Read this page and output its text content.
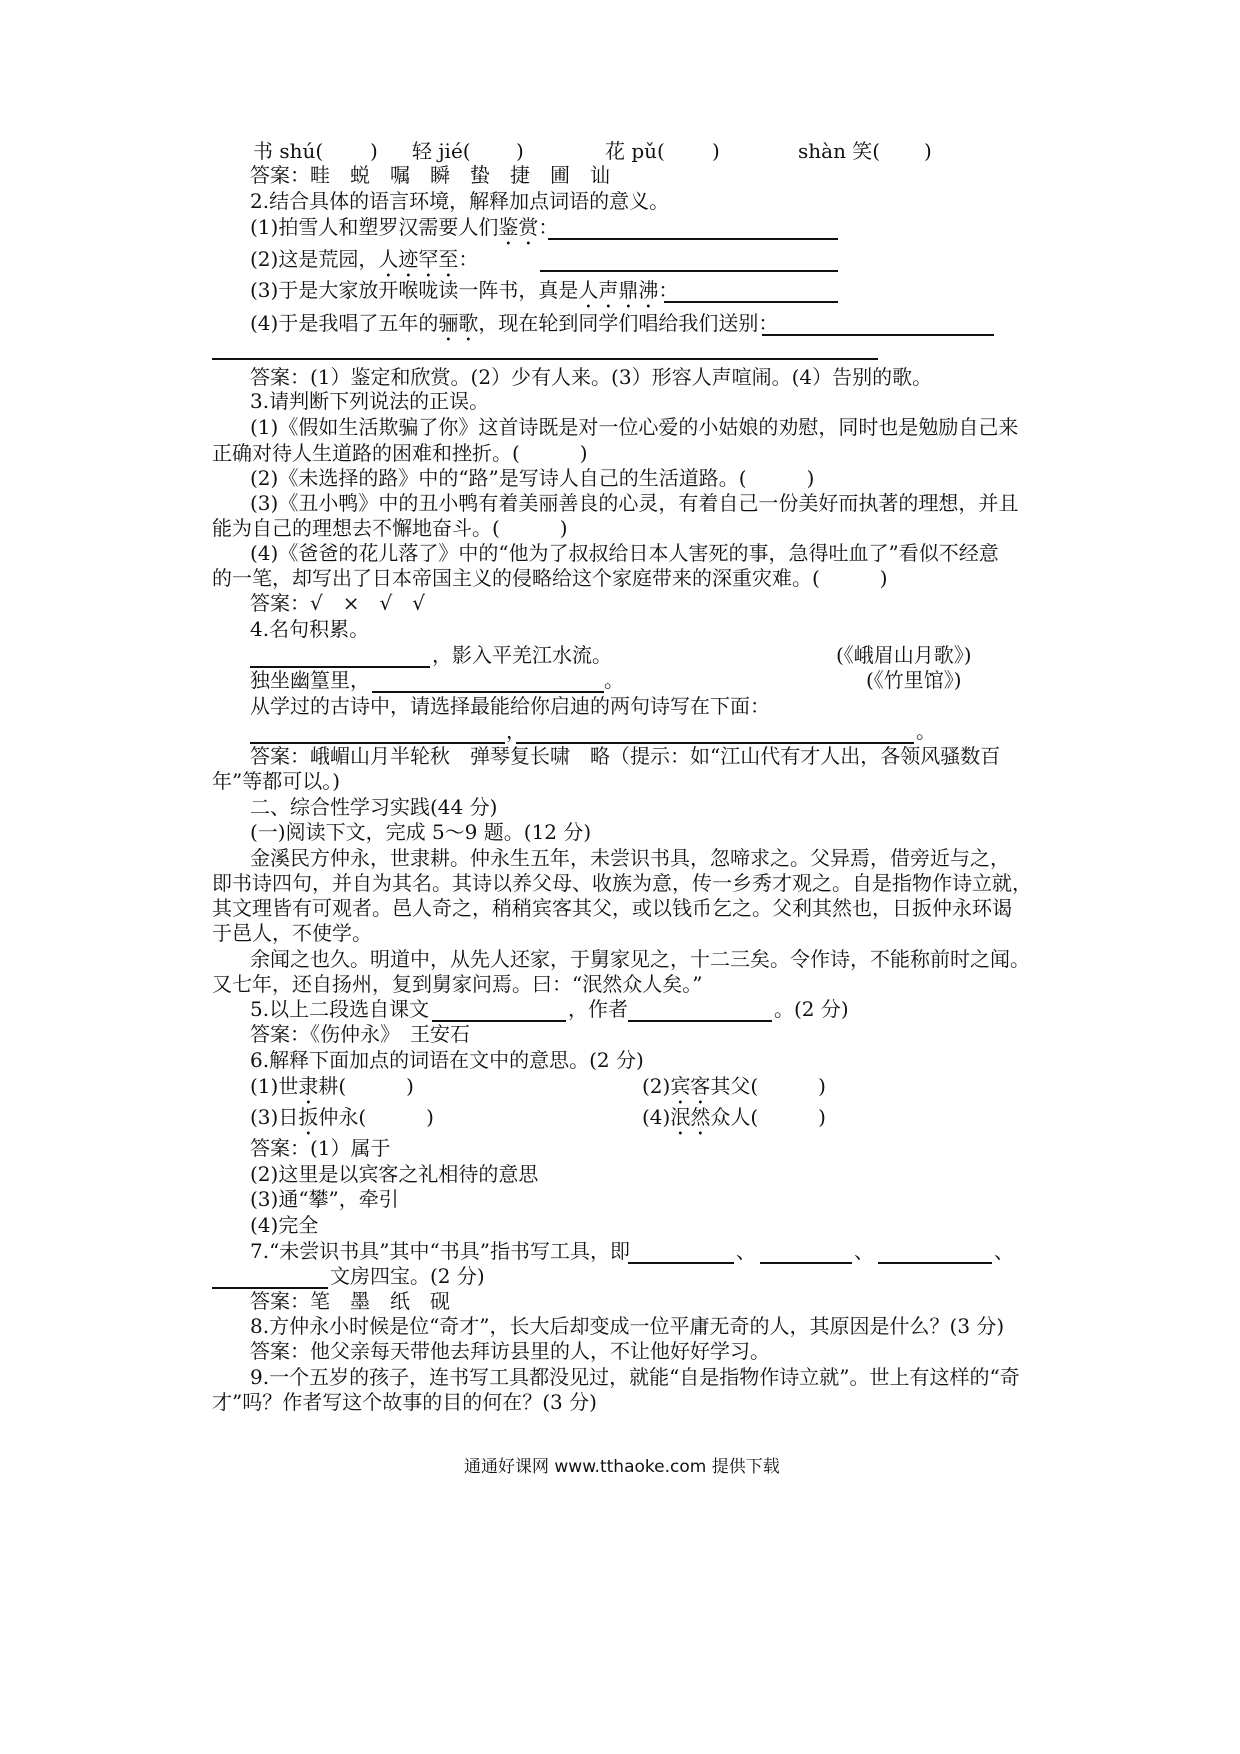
书 shú( ) 轻 jié( )	花 pǔ( )	shàn 笑( )
答案：畦　蜕　嘱　瞬　蛰　捷　圃　讪
2.结合具体的语言环境，解释加点词语的意义。
(1)拍雪人和塑罗汉需要人们鉴赏：
(2)这是荒园，人迹罕至：
(3)于是大家放开喉咙读一阵书，真是人声鼎沸：
(4)于是我唱了五年的骊歌，现在轮到同学们唱给我们送别：
答案：(1）鉴定和欣赏。(2）少有人来。(3）形容人声喧闹。(4）告别的歌。
3.请判断下列说法的正误。
(1)《假如生活欺骗了你》这首诗既是对一位心爱的小姑娘的劝慰，同时也是勉励自己来
正确对待人生道路的困难和挫折。(　　　)
(2)《未选择的路》中的“路”是写诗人自己的生活道路。(　　　)
(3)《丑小鸭》中的丑小鸭有着美丽善良的心灵，有着自己一份美好而执著的理想，并且
能为自己的理想去不懈地奋斗。(　　　)
(4)《爸爸的花儿落了》中的“他为了叔叔给日本人害死的事，急得吐血了”看似不经意
的一笔，却写出了日本帝国主义的侵略给这个家庭带来的深重灾难。(　　　)
答案：√　×　√　√
4.名句积累。
，影入平羌江水流。	(《峨眉山月歌》)
独坐幽篁里，	。	(《竹里馆》)
从学过的古诗中，请选择最能给你启迪的两句诗写在下面：
，	。
答案：峨嵋山月半轮秋　弹琴复长啸　略（提示：如“江山代有才人出，各领风骚数百
年”等都可以。)
二、综合性学习实践(44 分)
(一)阅读下文，完成 5～9 题。(12 分)
金溪民方仲永，世隶耕。仲永生五年，未尝识书具，忽啼求之。父异焉，借旁近与之，
即书诗四句，并自为其名。其诗以养父母、收族为意，传一乡秀才观之。自是指物作诗立就，
其文理皆有可观者。邑人奇之，稍稍宾客其父，或以钱币乞之。父利其然也，日扳仲永环谒
于邑人，不使学。
余闻之也久。明道中，从先人还家，于舅家见之，十二三矣。令作诗，不能称前时之闻。
又七年，还自扬州，复到舅家问焉。曰：“泯然众人矣。”
5.以上二段选自课文	，作者	。(2 分)
答案：《伤仲永》　王安石
6.解释下面加点的词语在文中的意思。(2 分)
(1)世隶耕(　　　)	(2)宾客其父(　　　)
(3)日扳仲永(　　　)	(4)泯然众人(　　　)
答案：(1）属于
(2)这里是以宾客之礼相待的意思
(3)通“攀”，牵引
(4)完全
7.“未尝识书具”其中“书具”指书写工具，即	、	、	、
文房四宝。(2 分)
答案：笔　墨　纸　砚
8.方仲永小时候是位“奇才”，长大后却变成一位平庸无奇的人，其原因是什么？(3 分)
答案：他父亲每天带他去拜访县里的人，不让他好好学习。
9.一个五岁的孩子，连书写工具都没见过，就能“自是指物作诗立就”。世上有这样的“奇
才”吗？作者写这个故事的目的何在？(3 分)
通通好课网 www.tthaoke.com 提供下载
